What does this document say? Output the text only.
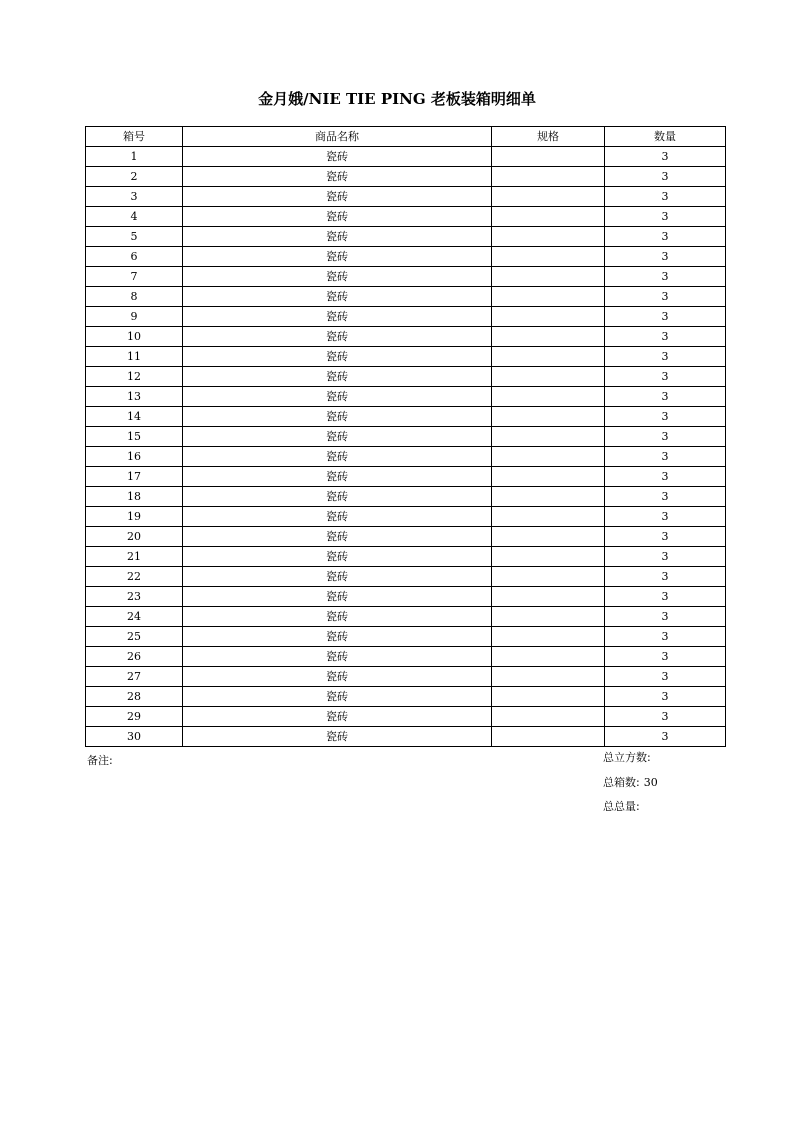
金月娥/NIE TIE PING 老板装箱明细单
箱号	商品名称	规格	数量
1	瓷砖		3
2	瓷砖		3
3	瓷砖		3
4	瓷砖		3
5	瓷砖		3
6	瓷砖		3
7	瓷砖		3
8	瓷砖		3
9	瓷砖		3
10	瓷砖		3
11	瓷砖		3
12	瓷砖		3
13	瓷砖		3
14	瓷砖		3
15	瓷砖		3
16	瓷砖		3
17	瓷砖		3
18	瓷砖		3
19	瓷砖		3
20	瓷砖		3
21	瓷砖		3
22	瓷砖		3
23	瓷砖		3
24	瓷砖		3
25	瓷砖		3
26	瓷砖		3
27	瓷砖		3
28	瓷砖		3
29	瓷砖		3
30	瓷砖		3
备注:	总立方数:
总箱数: 30
总总量:
